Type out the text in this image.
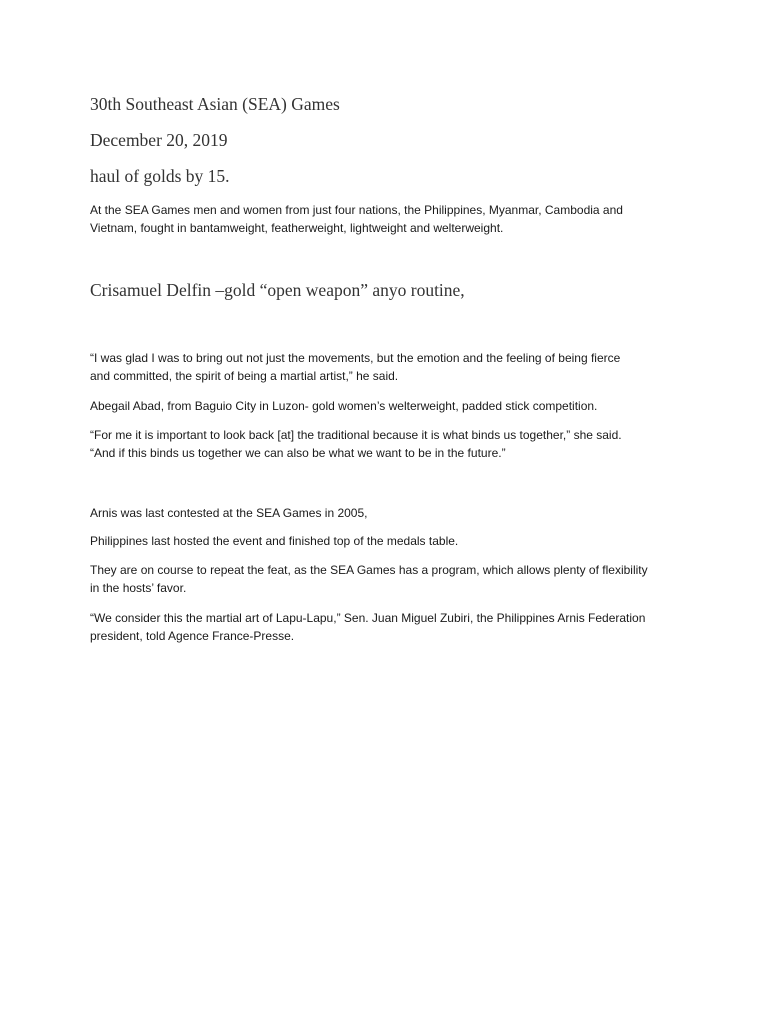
30th Southeast Asian (SEA) Games

December 20, 2019

haul of golds by 15.

At the SEA Games men and women from just four nations, the Philippines, Myanmar, Cambodia and
Vietnam, fought in bantamweight, featherweight, lightweight and welterweight.

Crisamuel Delfin –gold “open weapon” anyo routine,

“I was glad I was to bring out not just the movements, but the emotion and the feeling of being fierce
and committed, the spirit of being a martial artist,” he said.

Abegail Abad, from Baguio City in Luzon- gold women’s welterweight, padded stick competition.

“For me it is important to look back [at] the traditional because it is what binds us together,” she said.
“And if this binds us together we can also be what we want to be in the future.”

Arnis was last contested at the SEA Games in 2005,

Philippines last hosted the event and finished top of the medals table.

They are on course to repeat the feat, as the SEA Games has a program, which allows plenty of flexibility
in the hosts’ favor.

“We consider this the martial art of Lapu-Lapu,” Sen. Juan Miguel Zubiri, the Philippines Arnis Federation
president, told Agence France-Presse.
